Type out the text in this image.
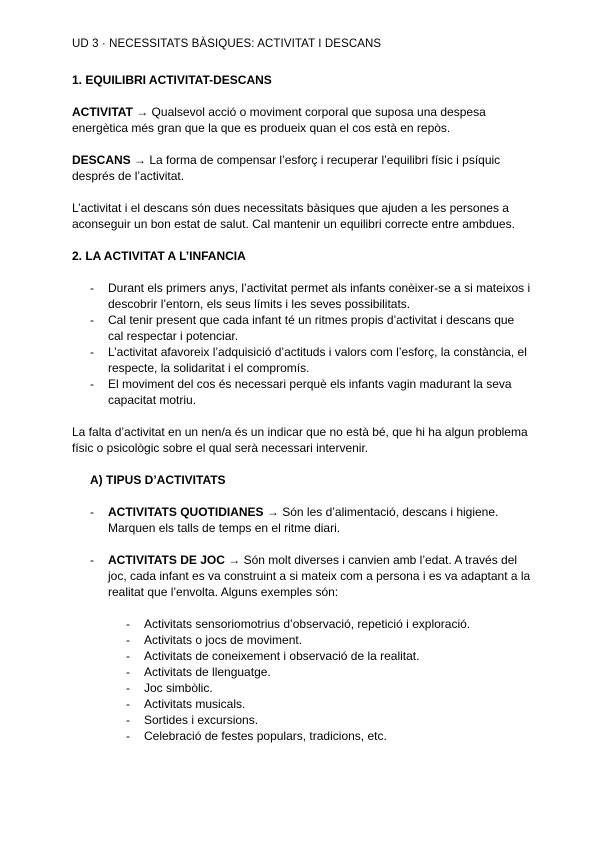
UD 3 · NECESSITATS BÀSIQUES: ACTIVITAT I DESCANS
1. EQUILIBRI ACTIVITAT-DESCANS

ACTIVITAT → Qualsevol acció o moviment corporal que suposa una despesa energètica més gran que la que es produeix quan el cos està en repòs.

DESCANS → La forma de compensar l’esforç i recuperar l’equilibri físic i psíquic després de l’activitat.

L’activitat i el descans són dues necessitats bàsiques que ajuden a les persones a aconseguir un bon estat de salut. Cal mantenir un equilibri correcte entre ambdues.

2. LA ACTIVITAT A L’INFANCIA
- Durant els primers anys, l’activitat permet als infants conèixer-se a si mateixos i descobrir l’entorn, els seus límits i les seves possibilitats.
- Cal tenir present que cada infant té un ritmes propis d’activitat i descans que cal respectar i potenciar.
- L’activitat afavoreix l’adquisició d’actituds i valors com l’esforç, la constància, el respecte, la solidaritat i el compromís.
- El moviment del cos és necessari perquè els infants vagin madurant la seva capacitat motriu.

La falta d’activitat en un nen/a és un indicar que no està bé, que hi ha algun problema físic o psicològic sobre el qual serà necessari intervenir.

A) TIPUS D’ACTIVITATS
- ACTIVITATS QUOTIDIANES → Són les d’alimentació, descans i higiene. Marquen els talls de temps en el ritme diari.
- ACTIVITATS DE JOC → Són molt diverses i canvien amb l’edat. A través del joc, cada infant es va construint a si mateix com a persona i es va adaptant a la realitat que l’envolta. Alguns exemples són:
- Activitats sensoriomotrius d’observació, repetició i exploració.
- Activitats o jocs de moviment.
- Activitats de coneixement i observació de la realitat.
- Activitats de llenguatge.
- Joc simbòlic.
- Activitats musicals.
- Sortides i excursions.
- Celebració de festes populars, tradicions, etc.
